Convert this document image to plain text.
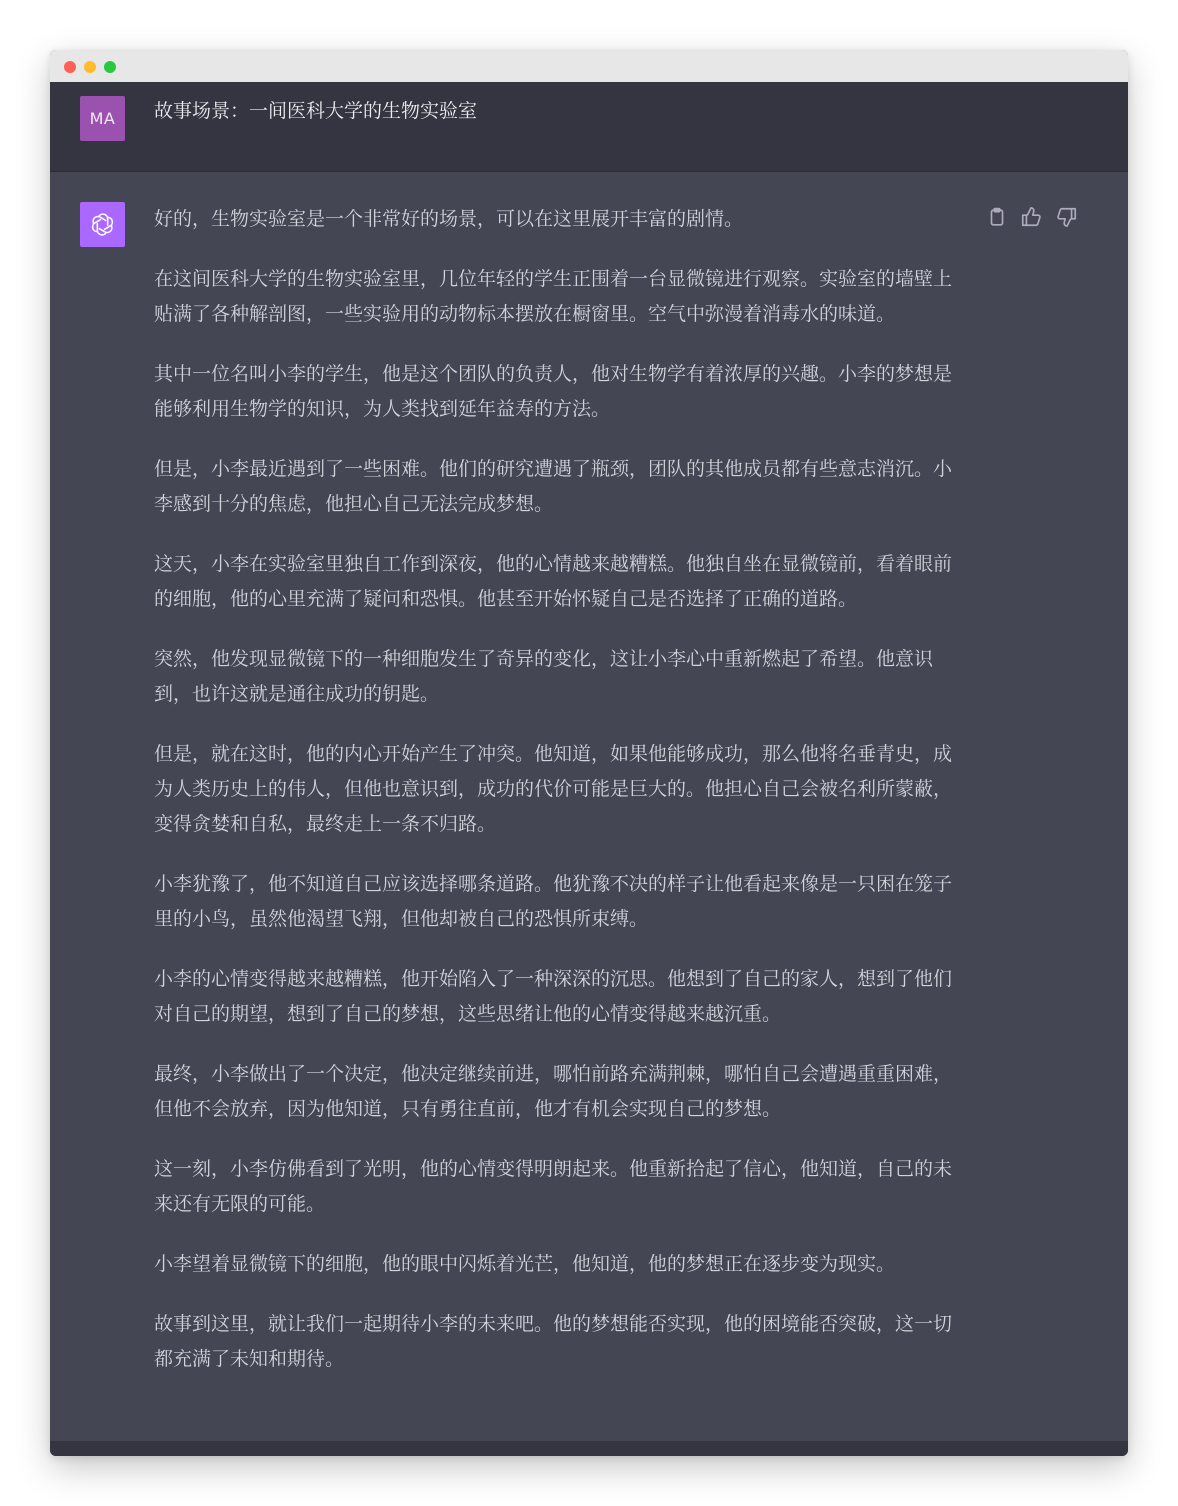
MA	故事场景：一间医科大学的生物实验室

好的，生物实验室是一个非常好的场景，可以在这里展开丰富的剧情。

在这间医科大学的生物实验室里，几位年轻的学生正围着一台显微镜进行观察。实验室的墙壁上贴满了各种解剖图，一些实验用的动物标本摆放在橱窗里。空气中弥漫着消毒水的味道。

其中一位名叫小李的学生，他是这个团队的负责人，他对生物学有着浓厚的兴趣。小李的梦想是能够利用生物学的知识，为人类找到延年益寿的方法。

但是，小李最近遇到了一些困难。他们的研究遭遇了瓶颈，团队的其他成员都有些意志消沉。小李感到十分的焦虑，他担心自己无法完成梦想。

这天，小李在实验室里独自工作到深夜，他的心情越来越糟糕。他独自坐在显微镜前，看着眼前的细胞，他的心里充满了疑问和恐惧。他甚至开始怀疑自己是否选择了正确的道路。

突然，他发现显微镜下的一种细胞发生了奇异的变化，这让小李心中重新燃起了希望。他意识到，也许这就是通往成功的钥匙。

但是，就在这时，他的内心开始产生了冲突。他知道，如果他能够成功，那么他将名垂青史，成为人类历史上的伟人，但他也意识到，成功的代价可能是巨大的。他担心自己会被名利所蒙蔽，变得贪婪和自私，最终走上一条不归路。

小李犹豫了，他不知道自己应该选择哪条道路。他犹豫不决的样子让他看起来像是一只困在笼子里的小鸟，虽然他渴望飞翔，但他却被自己的恐惧所束缚。

小李的心情变得越来越糟糕，他开始陷入了一种深深的沉思。他想到了自己的家人，想到了他们对自己的期望，想到了自己的梦想，这些思绪让他的心情变得越来越沉重。

最终，小李做出了一个决定，他决定继续前进，哪怕前路充满荆棘，哪怕自己会遭遇重重困难，但他不会放弃，因为他知道，只有勇往直前，他才有机会实现自己的梦想。

这一刻，小李仿佛看到了光明，他的心情变得明朗起来。他重新拾起了信心，他知道，自己的未来还有无限的可能。

小李望着显微镜下的细胞，他的眼中闪烁着光芒，他知道，他的梦想正在逐步变为现实。

故事到这里，就让我们一起期待小李的未来吧。他的梦想能否实现，他的困境能否突破，这一切都充满了未知和期待。
